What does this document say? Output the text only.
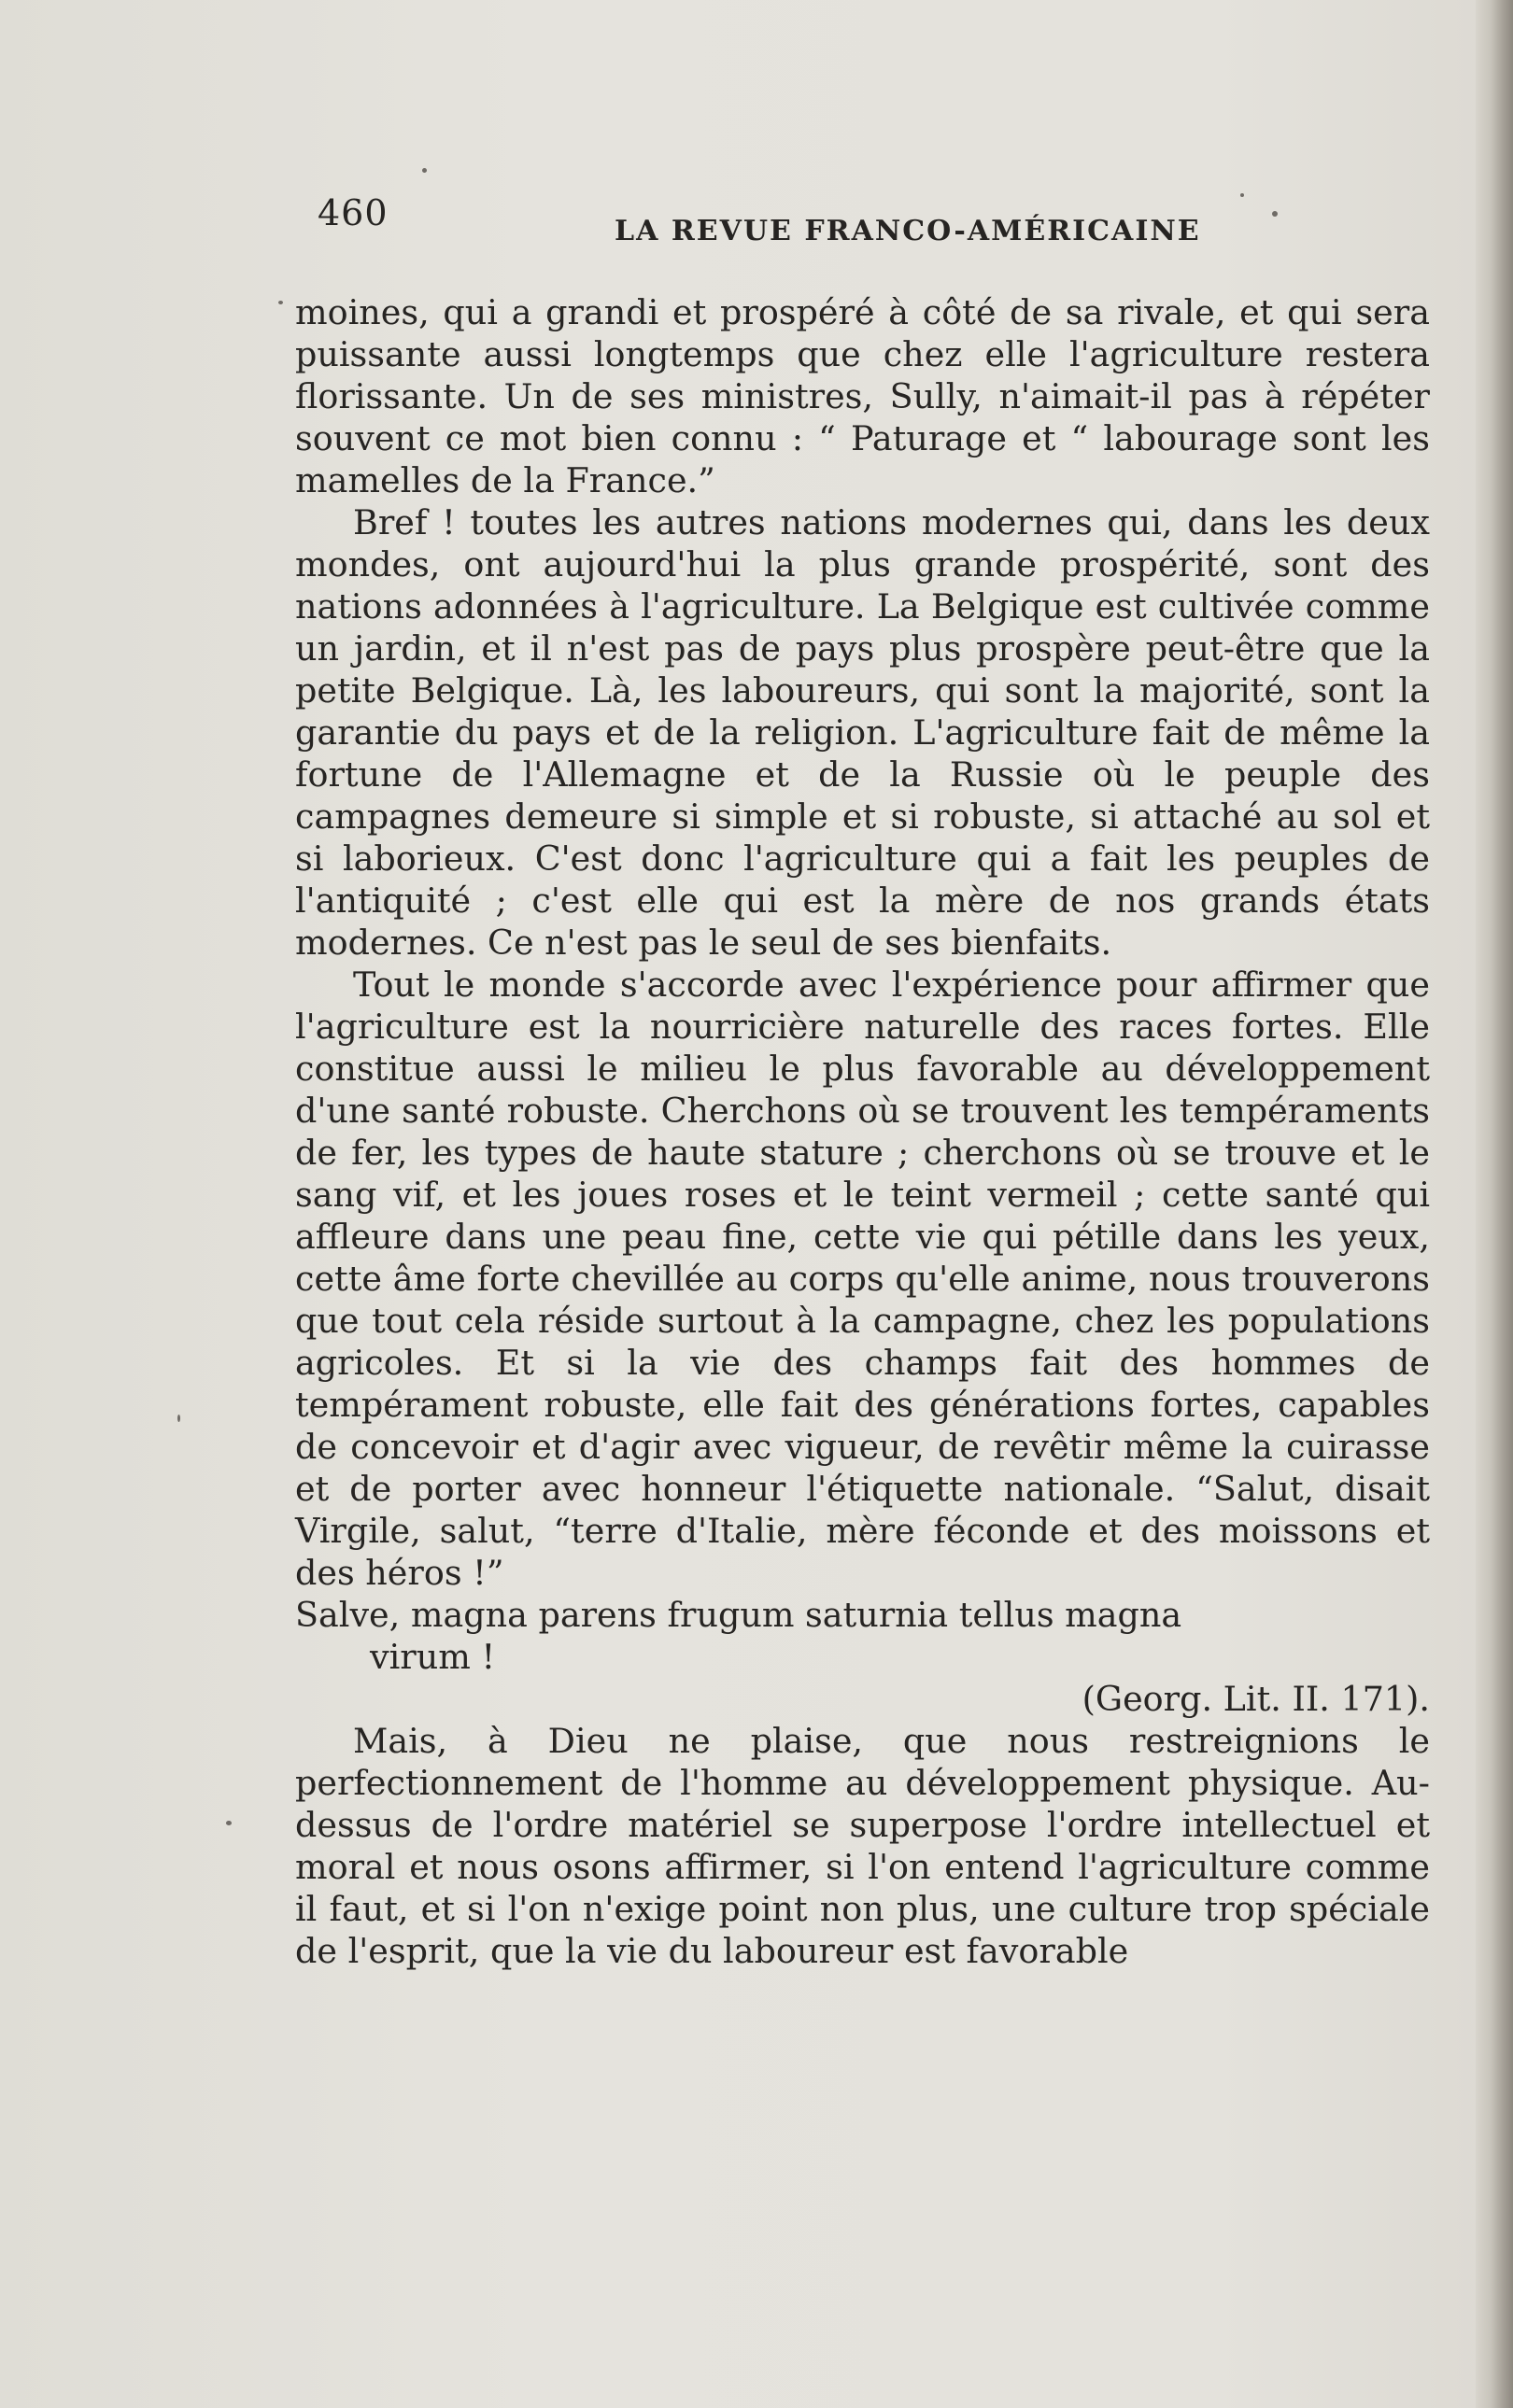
460	LA REVUE FRANCO-AMÉRICAINE

moines, qui a grandi et prospéré à côté de sa rivale, et qui sera puissante aussi longtemps que chez elle l'agriculture restera florissante. Un de ses ministres, Sully, n'aimait-il pas à répéter souvent ce mot bien connu : “ Paturage et “ labourage sont les mamelles de la France.”

Bref ! toutes les autres nations modernes qui, dans les deux mondes, ont aujourd'hui la plus grande prospérité, sont des nations adonnées à l'agriculture. La Belgique est cultivée comme un jardin, et il n'est pas de pays plus prospère peut-être que la petite Belgique. Là, les laboureurs, qui sont la majorité, sont la garantie du pays et de la religion. L'agriculture fait de même la fortune de l'Allemagne et de la Russie où le peuple des campagnes demeure si simple et si robuste, si attaché au sol et si laborieux. C'est donc l'agriculture qui a fait les peuples de l'antiquité ; c'est elle qui est la mère de nos grands états modernes. Ce n'est pas le seul de ses bienfaits.

Tout le monde s'accorde avec l'expérience pour affirmer que l'agriculture est la nourricière naturelle des races fortes. Elle constitue aussi le milieu le plus favorable au développement d'une santé robuste. Cherchons où se trouvent les tempéraments de fer, les types de haute stature ; cherchons où se trouve et le sang vif, et les joues roses et le teint vermeil ; cette santé qui affleure dans une peau fine, cette vie qui pétille dans les yeux, cette âme forte chevillée au corps qu'elle anime, nous trouverons que tout cela réside surtout à la campagne, chez les populations agricoles. Et si la vie des champs fait des hommes de tempérament robuste, elle fait des générations fortes, capables de concevoir et d'agir avec vigueur, de revêtir même la cuirasse et de porter avec honneur l'étiquette nationale. “Salut, disait Virgile, salut, “terre d'Italie, mère féconde et des moissons et des héros !”

Salve, magna parens frugum saturnia tellus magna
virum !

(Georg. Lit. II. 171).

Mais, à Dieu ne plaise, que nous restreignions le perfectionnement de l'homme au développement physique. Au-dessus de l'ordre matériel se superpose l'ordre intellectuel et moral et nous osons affirmer, si l'on entend l'agriculture comme il faut, et si l'on n'exige point non plus, une culture trop spéciale de l'esprit, que la vie du laboureur est favorable
